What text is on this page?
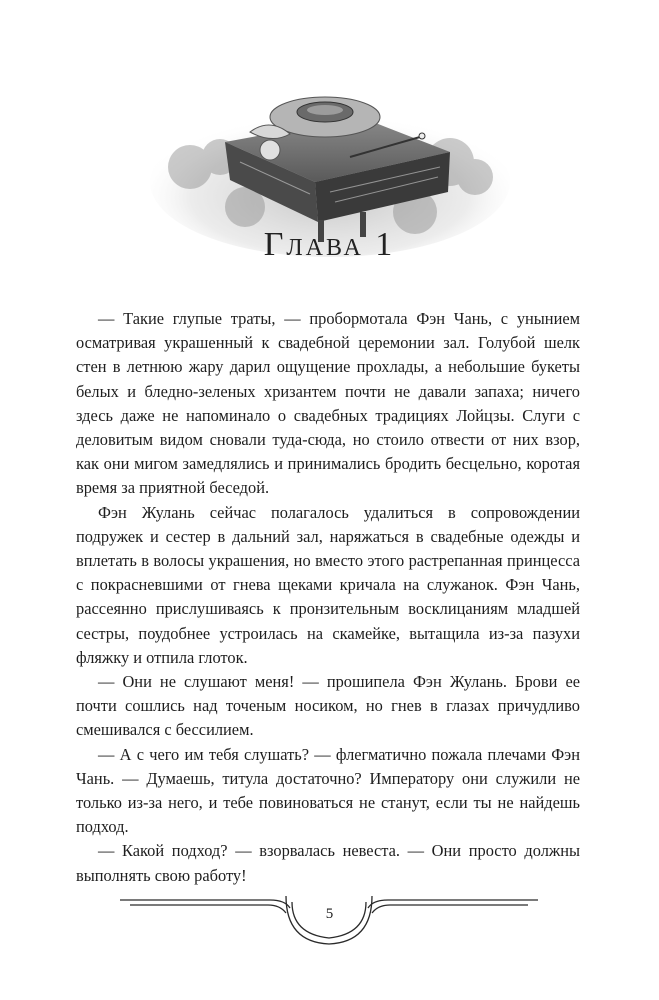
Глава 1

— Такие глупые траты, — пробормотала Фэн Чань, с унынием осматривая украшенный к свадебной церемонии зал. Голубой шелк стен в летнюю жару дарил ощущение прохлады, а небольшие букеты белых и бледно-зеленых хризантем почти не давали запаха; ничего здесь даже не напоминало о свадебных традициях Лойцзы. Слуги с деловитым видом сновали туда-сюда, но стоило отвести от них взор, как они мигом замедлялись и принимались бродить бесцельно, коротая время за приятной беседой.

Фэн Жулань сейчас полагалось удалиться в сопровождении подружек и сестер в дальний зал, наряжаться в свадебные одежды и вплетать в волосы украшения, но вместо этого растрепанная принцесса с покрасневшими от гнева щеками кричала на служанок. Фэн Чань, рассеянно прислушиваясь к пронзительным восклицаниям младшей сестры, поудобнее устроилась на скамейке, вытащила из-за пазухи фляжку и отпила глоток.

— Они не слушают меня! — прошипела Фэн Жулань. Брови ее почти сошлись над точеным носиком, но гнев в глазах причудливо смешивался с бессилием.

— А с чего им тебя слушать? — флегматично пожала плечами Фэн Чань. — Думаешь, титула достаточно? Императору они служили не только из-за него, и тебе повиноваться не станут, если ты не найдешь подход.

— Какой подход? — взорвалась невеста. — Они просто должны выполнять свою работу!

5
